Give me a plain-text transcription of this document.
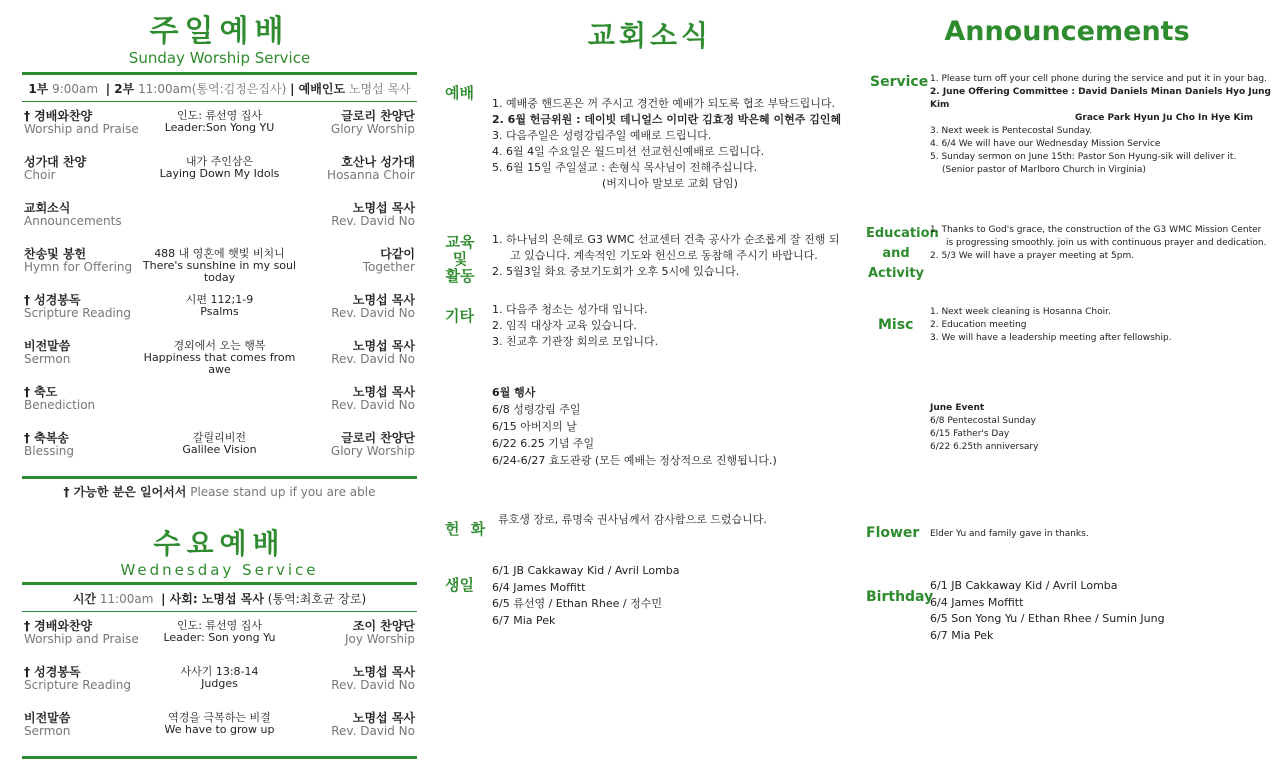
주일예배
Sunday Worship Service
1부 9:00am | 2부 11:00am(통역:김정은집사) | 예배인도 노명섭 목사
† 경배와찬양
Worship and Praise
인도: 류선영 집사
Leader:Son Yong YU
글로리 찬양단
Glory Worship
성가대 찬양
Choir
내가 주인삼은
Laying Down My Idols
호산나 성가대
Hosanna Choir
교회소식
Announcements
노명섭 목사
Rev. David No
찬송및 봉헌
Hymn for Offering
488 내 영혼에 햇빛 비치니
There's sunshine in my soul today
다같이
Together
† 성경봉독
Scripture Reading
시편 112;1-9
Psalms
노명섭 목사
Rev. David No
비전말씀
Sermon
경외에서 오는 행복
Happiness that comes from awe
노명섭 목사
Rev. David No
† 축도
Benediction
노명섭 목사
Rev. David No
† 축복송
Blessing
갈릴리비전
Galilee Vision
글로리 찬양단
Glory Worship
† 가능한 분은 일어서서 Please stand up if you are able
수요예배
Wednesday Service
시간 11:00am | 사회: 노명섭 목사 (통역:최호균 장로)
† 경배와찬양
Worship and Praise
인도: 류선영 집사
Leader: Son yong Yu
조이 찬양단
Joy Worship
† 성경봉독
Scripture Reading
사사기 13:8-14
Judges
노명섭 목사
Rev. David No
비전말씀
Sermon
역경을 극복하는 비결
We have to grow up
노명섭 목사
Rev. David No
교회소식
예배
1. 예배중 핸드폰은 꺼 주시고 경건한 예배가 되도록 협조 부탁드립니다.
2. 6월 헌금위원 : 데이빗 데니얼스 이미란 김효정 박은혜 이현주 김인혜
3. 다음주일은 성령강림주일 예배로 드립니다.
4. 6월 4일 수요일은 월드미션 선교헌신예배로 드립니다.
5. 6월 15일 주일설교 : 손형식 목사님이 전해주십니다.
(버지니아 말보로 교회 담임)
교육
및
활동
1. 하나님의 은혜로 G3 WMC 선교센터 건축 공사가 순조롭게 잘 진행 되
고 있습니다. 계속적인 기도와 헌신으로 동참해 주시기 바랍니다.
2. 5월3일 화요 중보기도회가 오후 5시에 있습니다.
기타 1. 다음주 청소는 성가대 입니다.
2. 임직 대상자 교육 있습니다.
3. 친교후 기관장 회의로 모입니다.
6월 행사
6/8 성령강림 주일
6/15 아버지의 날
6/22 6.25 기념 주일
6/24-6/27 효도관광 (모든 예배는 정상적으로 진행됩니다.)
헌 화
류호생 장로, 류명숙 권사님께서 감사함으로 드렸습니다.
생일
6/1 JB Cakkaway Kid / Avril Lomba
6/4 James Moffitt
6/5 류선영 / Ethan Rhee / 정수민
6/7 Mia Pek
Announcements
Service 1. Please turn off your cell phone during the service and put it in your bag.
2. June Offering Committee : David Daniels Minan Daniels Hyo Jung Kim
Grace Park Hyun Ju Cho In Hye Kim
3. Next week is Pentecostal Sunday.
4. 6/4 We will have our Wednesday Mission Service
5. Sunday sermon on June 15th: Pastor Son Hyung-sik will deliver it.
(Senior pastor of Marlboro Church in Virginia)
Education
and
Activity
1. Thanks to God's grace, the construction of the G3 WMC Mission Center
is progressing smoothly. join us with continuous prayer and dedication.
2. 5/3 We will have a prayer meeting at 5pm.
Misc
1. Next week cleaning is Hosanna Choir.
2. Education meeting
3. We will have a leadership meeting after fellowship.
June Event
6/8 Pentecostal Sunday
6/15 Father's Day
6/22 6.25th anniversary
Flower Elder Yu and family gave in thanks.
Birthday
6/1 JB Cakkaway Kid / Avril Lomba
6/4 James Moffitt
6/5 Son Yong Yu / Ethan Rhee / Sumin Jung
6/7 Mia Pek
